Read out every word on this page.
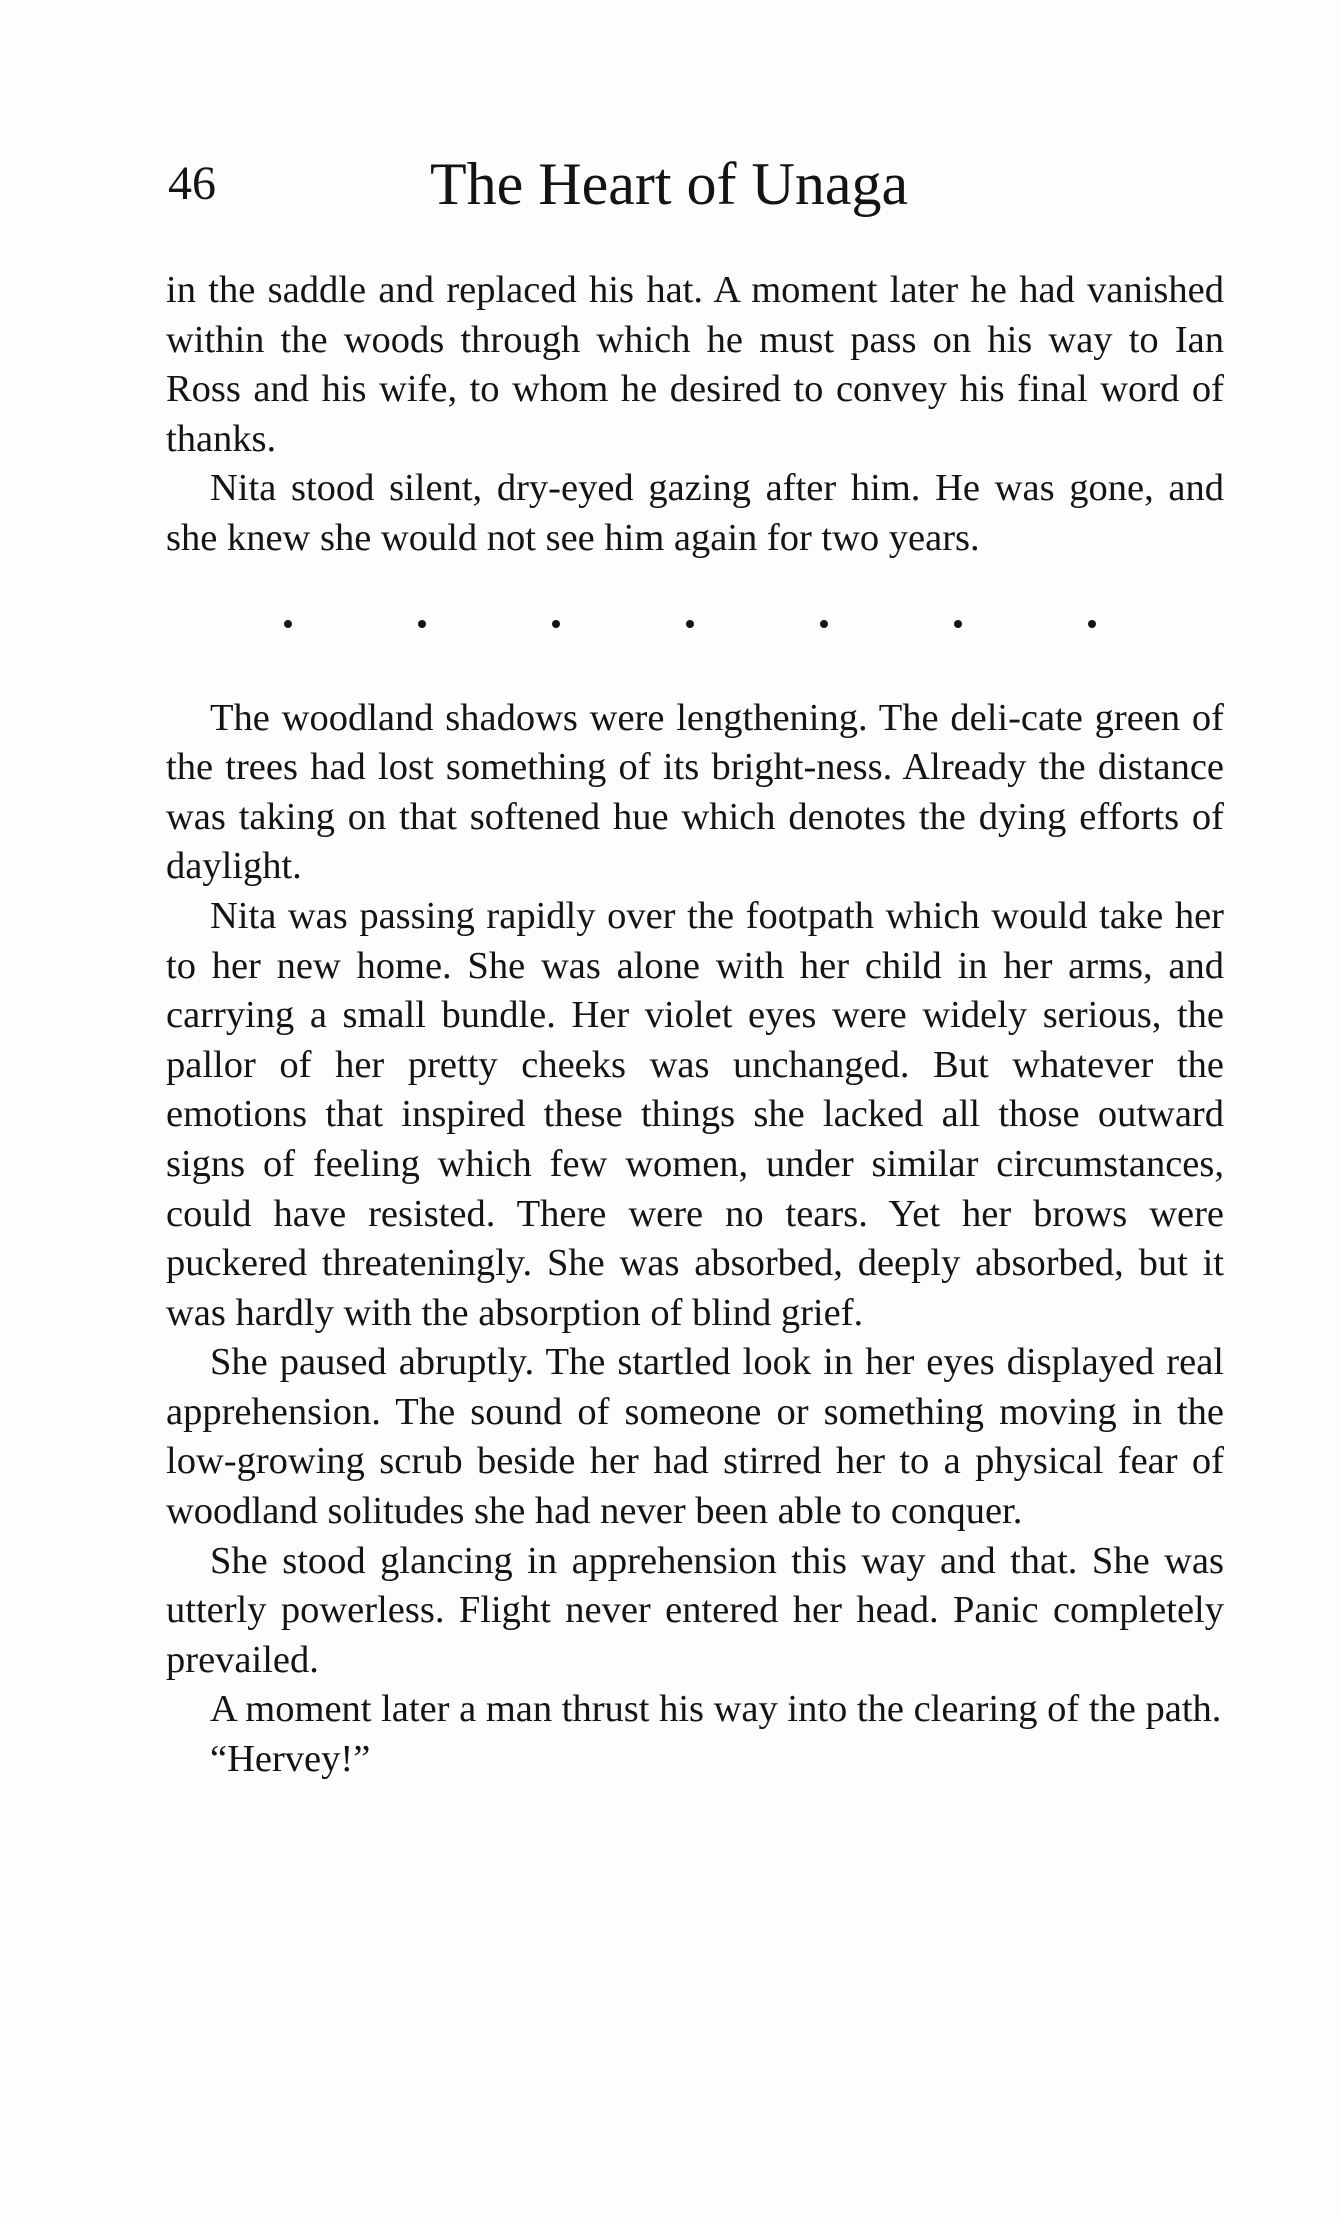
46	The Heart of Unaga

in the saddle and replaced his hat. A moment later he had vanished within the woods through which he must pass on his way to Ian Ross and his wife, to whom he desired to convey his final word of thanks.

Nita stood silent, dry-eyed gazing after him. He was gone, and she knew she would not see him again for two years.

The woodland shadows were lengthening. The deli-cate green of the trees had lost something of its bright-ness. Already the distance was taking on that softened hue which denotes the dying efforts of daylight.

Nita was passing rapidly over the footpath which would take her to her new home. She was alone with her child in her arms, and carrying a small bundle. Her violet eyes were widely serious, the pallor of her pretty cheeks was unchanged. But whatever the emotions that inspired these things she lacked all those outward signs of feeling which few women, under similar circumstances, could have resisted. There were no tears. Yet her brows were puckered threateningly. She was absorbed, deeply absorbed, but it was hardly with the absorption of blind grief.

She paused abruptly. The startled look in her eyes displayed real apprehension. The sound of someone or something moving in the low-growing scrub beside her had stirred her to a physical fear of woodland solitudes she had never been able to conquer.

She stood glancing in apprehension this way and that. She was utterly powerless. Flight never entered her head. Panic completely prevailed.

A moment later a man thrust his way into the clearing of the path.

“Hervey!”
